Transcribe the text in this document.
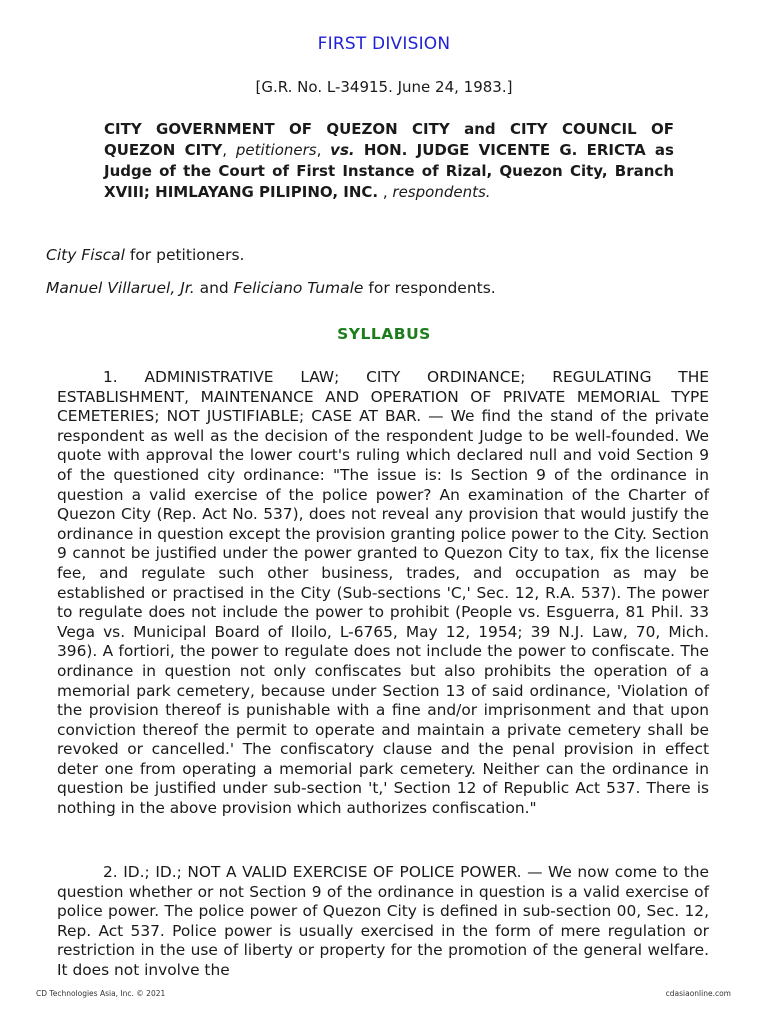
FIRST DIVISION
[G.R. No. L-34915. June 24, 1983.]
CITY GOVERNMENT OF QUEZON CITY and CITY COUNCIL OF QUEZON CITY, petitioners, vs. HON. JUDGE VICENTE G. ERICTA as Judge of the Court of First Instance of Rizal, Quezon City, Branch XVIII; HIMLAYANG PILIPINO, INC. , respondents.
City Fiscal for petitioners.
Manuel Villaruel, Jr. and Feliciano Tumale for respondents.
SYLLABUS

1. ADMINISTRATIVE LAW; CITY ORDINANCE; REGULATING THE ESTABLISHMENT, MAINTENANCE AND OPERATION OF PRIVATE MEMORIAL TYPE CEMETERIES; NOT JUSTIFIABLE; CASE AT BAR. — We find the stand of the private respondent as well as the decision of the respondent Judge to be well-founded. We quote with approval the lower court's ruling which declared null and void Section 9 of the questioned city ordinance: "The issue is: Is Section 9 of the ordinance in question a valid exercise of the police power? An examination of the Charter of Quezon City (Rep. Act No. 537), does not reveal any provision that would justify the ordinance in question except the provision granting police power to the City. Section 9 cannot be justified under the power granted to Quezon City to tax, fix the license fee, and regulate such other business, trades, and occupation as may be established or practised in the City (Sub-sections 'C,' Sec. 12, R.A. 537). The power to regulate does not include the power to prohibit (People vs. Esguerra, 81 Phil. 33 Vega vs. Municipal Board of Iloilo, L-6765, May 12, 1954; 39 N.J. Law, 70, Mich. 396). A fortiori, the power to regulate does not include the power to confiscate. The ordinance in question not only confiscates but also prohibits the operation of a memorial park cemetery, because under Section 13 of said ordinance, 'Violation of the provision thereof is punishable with a fine and/or imprisonment and that upon conviction thereof the permit to operate and maintain a private cemetery shall be revoked or cancelled.' The confiscatory clause and the penal provision in effect deter one from operating a memorial park cemetery. Neither can the ordinance in question be justified under sub-section 't,' Section 12 of Republic Act 537. There is nothing in the above provision which authorizes confiscation."

2. ID.; ID.; NOT A VALID EXERCISE OF POLICE POWER. — We now come to the question whether or not Section 9 of the ordinance in question is a valid exercise of police power. The police power of Quezon City is defined in sub-section 00, Sec. 12, Rep. Act 537. Police power is usually exercised in the form of mere regulation or restriction in the use of liberty or property for the promotion of the general welfare. It does not involve the

CD Technologies Asia, Inc. © 2021	cdasiaonline.com
